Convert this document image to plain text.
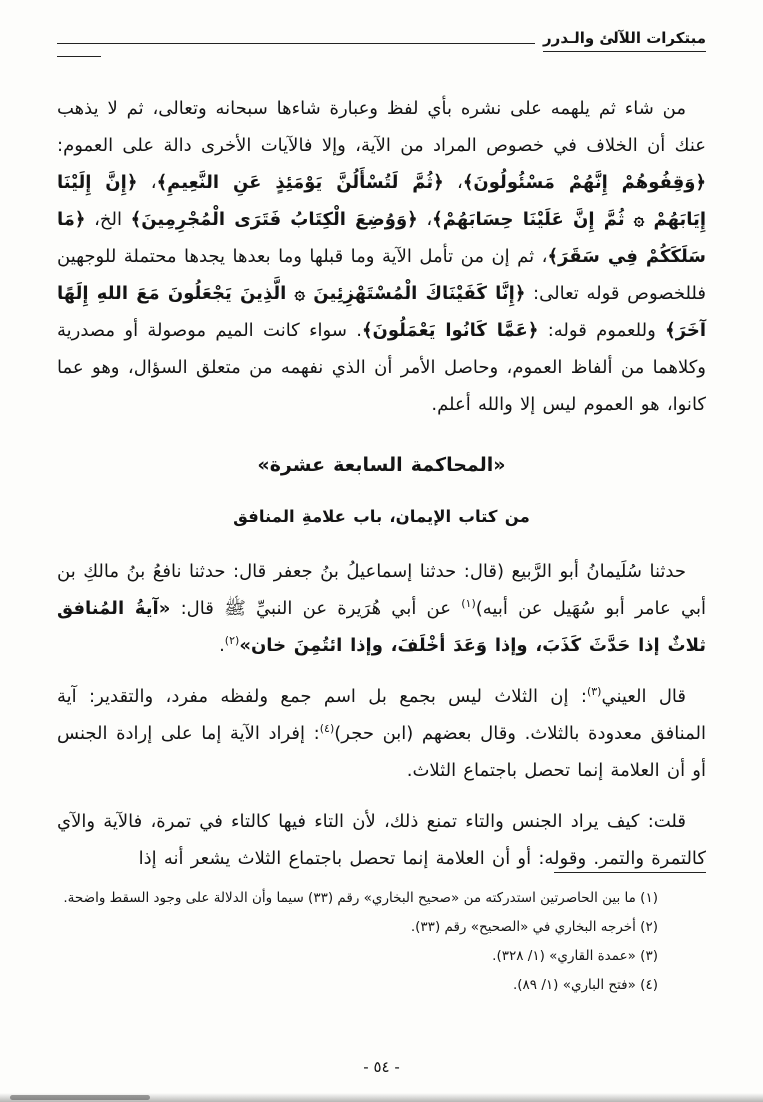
مبتكرات اللآلئ والـدرر

من شاء ثم يلهمه على نشره بأي لفظ وعبارة شاءها سبحانه وتعالى، ثم لا يذهب عنك أن الخلاف في خصوص المراد من الآية، وإلا فالآيات الأخرى دالة على العموم: ﴿وَقِفُوهُمْ إِنَّهُمْ مَسْئُولُونَ﴾، ﴿ثُمَّ لَتُسْأَلُنَّ يَوْمَئِذٍ عَنِ النَّعِيمِ﴾، ﴿إِنَّ إِلَيْنَا إِيَابَهُمْ ۞ ثُمَّ إِنَّ عَلَيْنَا حِسَابَهُمْ﴾، ﴿وَوُضِعَ الْكِتَابُ فَتَرَى الْمُجْرِمِينَ﴾ الخ، ﴿مَا سَلَكَكُمْ فِي سَقَرَ﴾، ثم إن من تأمل الآية وما قبلها وما بعدها يجدها محتملة للوجهين فللخصوص قوله تعالى: ﴿إِنَّا كَفَيْنَاكَ الْمُسْتَهْزِئِينَ ۞ الَّذِينَ يَجْعَلُونَ مَعَ اللهِ إِلَهًا آخَرَ﴾ وللعموم قوله: ﴿عَمَّا كَانُوا يَعْمَلُونَ﴾. سواء كانت الميم موصولة أو مصدرية وكلاهما من ألفاظ العموم، وحاصل الأمر أن الذي نفهمه من متعلق السؤال، وهو عما كانوا، هو العموم ليس إلا والله أعلم.

«المحاكمة السابعة عشرة»
من كتاب الإيمان، باب علامةِ المنافق

حدثنا سُلَيمانُ أبو الرَّبيع (قال: حدثنا إسماعيلُ بنُ جعفر قال: حدثنا نافعُ بنُ مالكِ بن أبي عامر أبو سُهَيل عن أبيه)$^{(١)}$ عن أبي هُرَيرة عن النبيِّ ﷺ قال: «آيةُ المُنافق ثلاثٌ إذا حَدَّثَ كَذَبَ، وإذا وَعَدَ أخْلَفَ، وإذا ائتُمِنَ خان»$^{(٢)}$.

قال العيني$^{(٣)}$: إن الثلاث ليس بجمع بل اسم جمع ولفظه مفرد، والتقدير: آية المنافق معدودة بالثلاث. وقال بعضهم (ابن حجر)$^{(٤)}$: إفراد الآية إما على إرادة الجنس أو أن العلامة إنما تحصل باجتماع الثلاث.

قلت: كيف يراد الجنس والتاء تمنع ذلك، لأن التاء فيها كالتاء في تمرة، فالآية والآي كالتمرة والتمر. وقوله: أو أن العلامة إنما تحصل باجتماع الثلاث يشعر أنه إذا

(١) ما بين الحاصرتين استدركته من «صحيح البخاري» رقم (٣٣) سيما وأن الدلالة على وجود السقط واضحة.
(٢) أخرجه البخاري في «الصحيح» رقم (٣٣).
(٣) «عمدة القاري» (١/ ٣٢٨).
(٤) «فتح الباري» (١/ ٨٩).
- ٥٤ -
